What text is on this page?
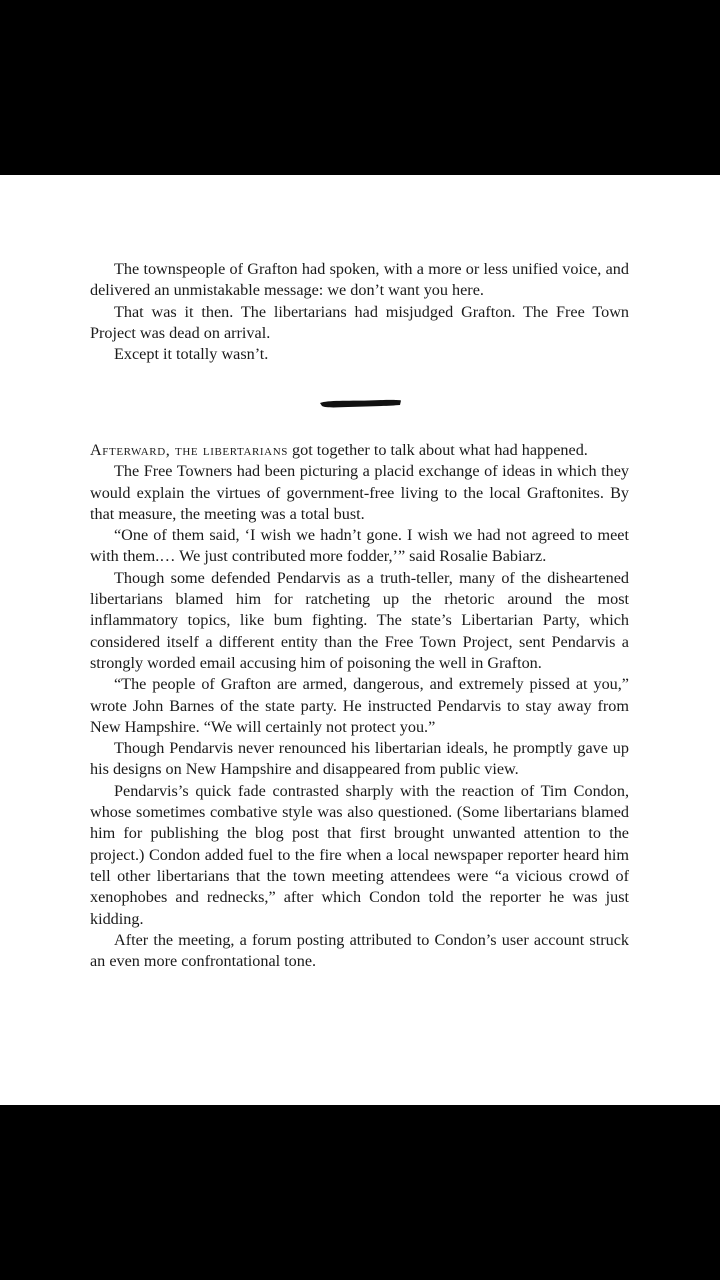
The townspeople of Grafton had spoken, with a more or less unified voice, and delivered an unmistakable message: we don’t want you here.

That was it then. The libertarians had misjudged Grafton. The Free Town Project was dead on arrival.

Except it totally wasn’t.

Afterward, the libertarians got together to talk about what had happened.

The Free Towners had been picturing a placid exchange of ideas in which they would explain the virtues of government-free living to the local Graftonites. By that measure, the meeting was a total bust.

“One of them said, ‘I wish we hadn’t gone. I wish we had not agreed to meet with them.… We just contributed more fodder,’” said Rosalie Babiarz.

Though some defended Pendarvis as a truth-teller, many of the disheartened libertarians blamed him for ratcheting up the rhetoric around the most inflammatory topics, like bum fighting. The state’s Libertarian Party, which considered itself a different entity than the Free Town Project, sent Pendarvis a strongly worded email accusing him of poisoning the well in Grafton.

“The people of Grafton are armed, dangerous, and extremely pissed at you,” wrote John Barnes of the state party. He instructed Pendarvis to stay away from New Hampshire. “We will certainly not protect you.”

Though Pendarvis never renounced his libertarian ideals, he promptly gave up his designs on New Hampshire and disappeared from public view.

Pendarvis’s quick fade contrasted sharply with the reaction of Tim Condon, whose sometimes combative style was also questioned. (Some libertarians blamed him for publishing the blog post that first brought unwanted attention to the project.) Condon added fuel to the fire when a local newspaper reporter heard him tell other libertarians that the town meeting attendees were “a vicious crowd of xenophobes and rednecks,” after which Condon told the reporter he was just kidding.

After the meeting, a forum posting attributed to Condon’s user account struck an even more confrontational tone.
